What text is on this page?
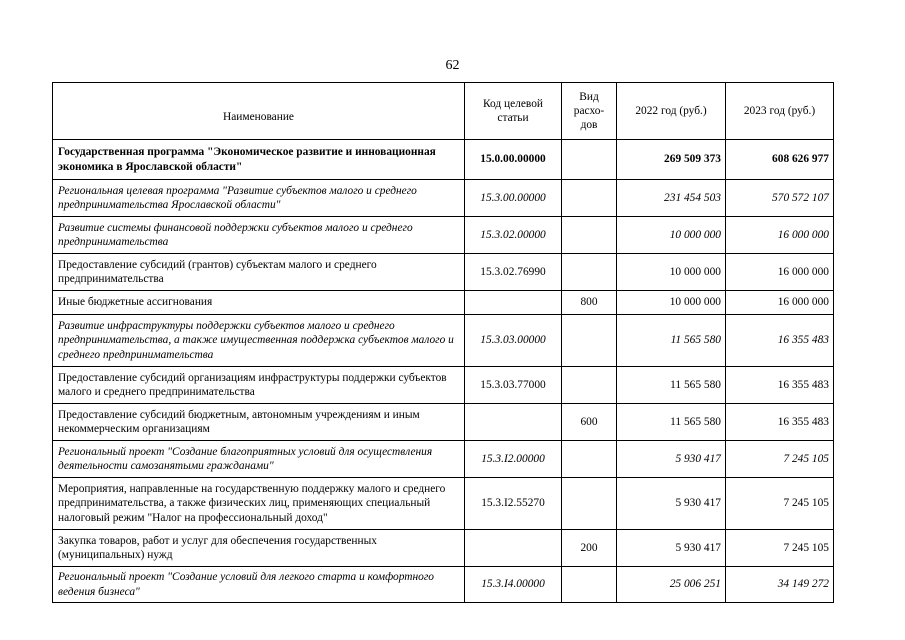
62
Наименование	Код целевой статьи	Вид расхо-дов	2022 год (руб.)	2023 год (руб.)
Государственная программа "Экономическое развитие и инновационная экономика в Ярославской области"	15.0.00.00000		269 509 373	608 626 977
Региональная целевая программа "Развитие субъектов малого и среднего предпринимательства Ярославской области"	15.3.00.00000		231 454 503	570 572 107
Развитие системы финансовой поддержки субъектов малого и среднего предпринимательства	15.3.02.00000		10 000 000	16 000 000
Предоставление субсидий (грантов) субъектам малого и среднего предпринимательства	15.3.02.76990		10 000 000	16 000 000
Иные бюджетные ассигнования		800	10 000 000	16 000 000
Развитие инфраструктуры поддержки субъектов малого и среднего предпринимательства, а также имущественная поддержка субъектов малого и среднего предпринимательства	15.3.03.00000		11 565 580	16 355 483
Предоставление субсидий организациям инфраструктуры поддержки субъектов малого и среднего предпринимательства	15.3.03.77000		11 565 580	16 355 483
Предоставление субсидий бюджетным, автономным учреждениям и иным некоммерческим организациям		600	11 565 580	16 355 483
Региональный проект "Создание благоприятных условий для осуществления деятельности самозанятыми гражданами"	15.3.I2.00000		5 930 417	7 245 105
Мероприятия, направленные на государственную поддержку малого и среднего предпринимательства, а также физических лиц, применяющих специальный налоговый режим "Налог на профессиональный доход"	15.3.I2.55270		5 930 417	7 245 105
Закупка товаров, работ и услуг для обеспечения государственных (муниципальных) нужд		200	5 930 417	7 245 105
Региональный проект "Создание условий для легкого старта и комфортного ведения бизнеса"	15.3.I4.00000		25 006 251	34 149 272
